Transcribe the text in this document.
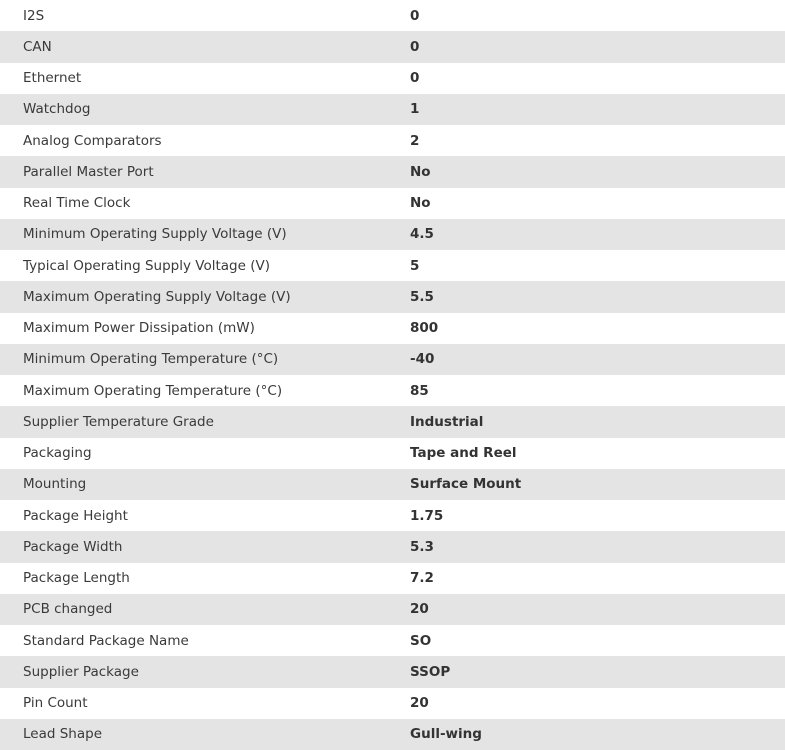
I2S	0
CAN	0
Ethernet	0
Watchdog	1
Analog Comparators	2
Parallel Master Port	No
Real Time Clock	No
Minimum Operating Supply Voltage (V)	4.5
Typical Operating Supply Voltage (V)	5
Maximum Operating Supply Voltage (V)	5.5
Maximum Power Dissipation (mW)	800
Minimum Operating Temperature (°C)	-40
Maximum Operating Temperature (°C)	85
Supplier Temperature Grade	Industrial
Packaging	Tape and Reel
Mounting	Surface Mount
Package Height	1.75
Package Width	5.3
Package Length	7.2
PCB changed	20
Standard Package Name	SO
Supplier Package	SSOP
Pin Count	20
Lead Shape	Gull-wing
